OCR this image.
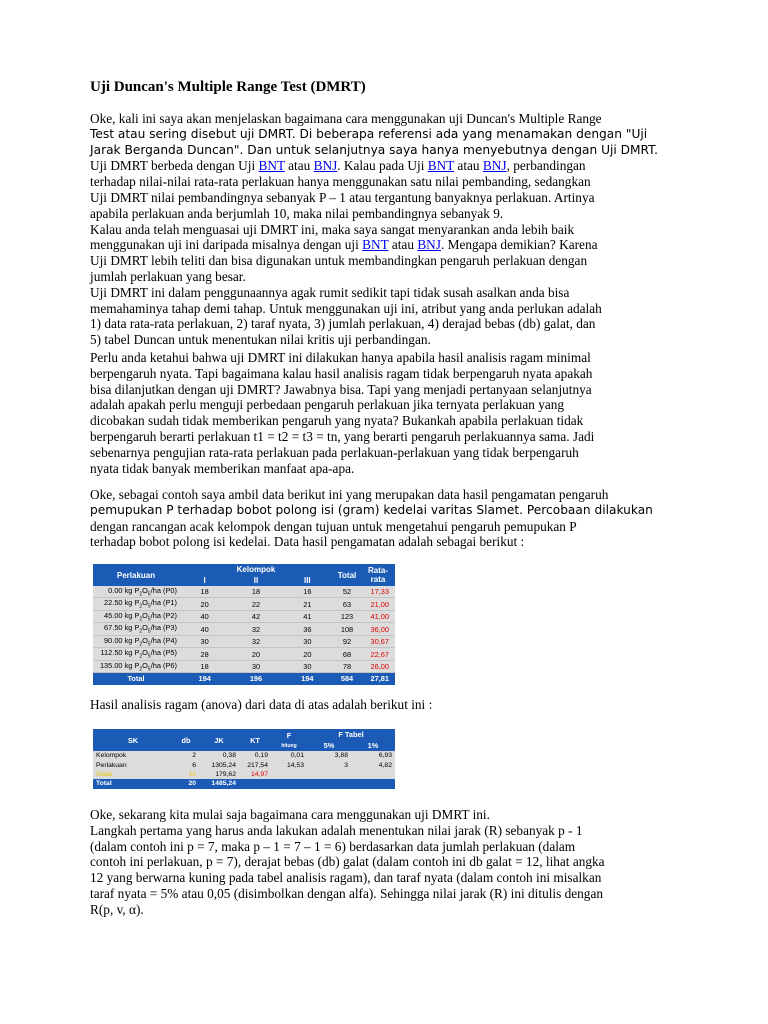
Uji Duncan's Multiple Range Test (DMRT)
Oke, kali ini saya akan menjelaskan bagaimana cara menggunakan uji Duncan's Multiple Range
Test atau sering disebut uji DMRT. Di beberapa referensi ada yang menamakan dengan "Uji
Jarak Berganda Duncan". Dan untuk selanjutnya saya hanya menyebutnya dengan Uji DMRT.
Uji DMRT berbeda dengan Uji BNT atau BNJ. Kalau pada Uji BNT atau BNJ, perbandingan
terhadap nilai-nilai rata-rata perlakuan hanya menggunakan satu nilai pembanding, sedangkan
Uji DMRT nilai pembandingnya sebanyak P – 1 atau tergantung banyaknya perlakuan. Artinya
apabila perlakuan anda berjumlah 10, maka nilai pembandingnya sebanyak 9.
Kalau anda telah menguasai uji DMRT ini, maka saya sangat menyarankan anda lebih baik
menggunakan uji ini daripada misalnya dengan uji BNT atau BNJ. Mengapa demikian? Karena
Uji DMRT lebih teliti dan bisa digunakan untuk membandingkan pengaruh perlakuan dengan
jumlah perlakuan yang besar.
Uji DMRT ini dalam penggunaannya agak rumit sedikit tapi tidak susah asalkan anda bisa
memahaminya tahap demi tahap. Untuk menggunakan uji ini, atribut yang anda perlukan adalah
1) data rata-rata perlakuan, 2) taraf nyata, 3) jumlah perlakuan, 4) derajad bebas (db) galat, dan
5) tabel Duncan untuk menentukan nilai kritis uji perbandingan.
Perlu anda ketahui bahwa uji DMRT ini dilakukan hanya apabila hasil analisis ragam minimal
berpengaruh nyata. Tapi bagaimana kalau hasil analisis ragam tidak berpengaruh nyata apakah
bisa dilanjutkan dengan uji DMRT? Jawabnya bisa. Tapi yang menjadi pertanyaan selanjutnya
adalah apakah perlu menguji perbedaan pengaruh perlakuan jika ternyata perlakuan yang
dicobakan sudah tidak memberikan pengaruh yang nyata? Bukankah apabila perlakuan tidak
berpengaruh berarti perlakuan t1 = t2 = t3 = tn, yang berarti pengaruh perlakuannya sama. Jadi
sebenarnya pengujian rata-rata perlakuan pada perlakuan-perlakuan yang tidak berpengaruh
nyata tidak banyak memberikan manfaat apa-apa.
Oke, sebagai contoh saya ambil data berikut ini yang merupakan data hasil pengamatan pengaruh
pemupukan P terhadap bobot polong isi (gram) kedelai varitas Slamet. Percobaan dilakukan
dengan rancangan acak kelompok dengan tujuan untuk mengetahui pengaruh pemupukan P
terhadap bobot polong isi kedelai. Data hasil pengamatan adalah sebagai berikut :
Perlakuan	Kelompok			Total	Rata-rata
	I	II	III		
0.00 kg $P_2O_5/ha$ (P0)	18	18	16	52	17,33
22.50 kg $P_2O_5/ha$ (P1)	20	22	21	63	21,00
45.00 kg $P_2O_5/ha$ (P2)	40	42	41	123	41,00
67.50 kg $P_2O_5/ha$ (P3)	40	32	36	108	36,00
90.00 kg $P_2O_5/ha$ (P4)	30	32	30	92	30,67
112.50 kg $P_2O_5/ha$ (P5)	28	20	20	68	22,67
135.00 kg $P_2O_5/ha$ (P6)	18	30	30	78	26,00
Total	194	196	194	584	27,81
Hasil analisis ragam (anova) dari data di atas adalah berikut ini :
SK	db	JK	KT	F
hitung	F Tabel	
					5%	1%
Kelompok	2	0,38	0,19	0,01	3,88	6,93
Perlakuan	6	1305,24	217,54	14,53	3	4,82
Galat	12	179,62	14,97			
Total	20	1485,24				
Oke, sekarang kita mulai saja bagaimana cara menggunakan uji DMRT ini.
Langkah pertama yang harus anda lakukan adalah menentukan nilai jarak (R) sebanyak p - 1
(dalam contoh ini p = 7, maka p – 1 = 7 – 1 = 6) berdasarkan data jumlah perlakuan (dalam
contoh ini perlakuan, p = 7), derajat bebas (db) galat (dalam contoh ini db galat = 12, lihat angka
12 yang berwarna kuning pada tabel analisis ragam), dan taraf nyata (dalam contoh ini misalkan
taraf nyata = 5% atau 0,05 (disimbolkan dengan alfa). Sehingga nilai jarak (R) ini ditulis dengan
R(p, v, α).
